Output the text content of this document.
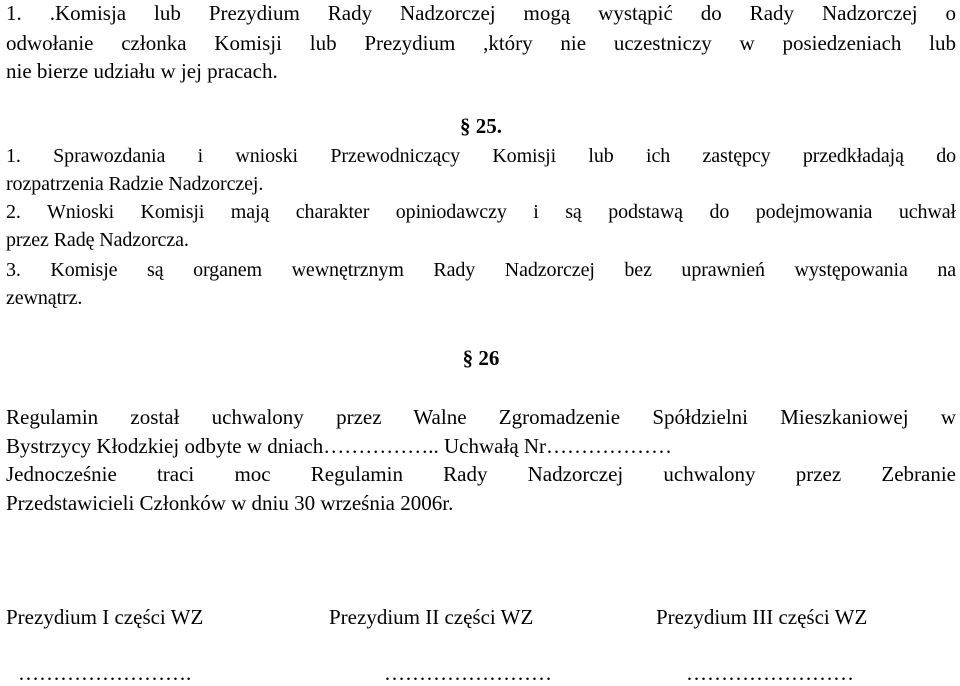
1. .Komisja lub Prezydium Rady Nadzorczej mogą wystąpić do Rady Nadzorczej o
odwołanie członka Komisji lub Prezydium ,który nie uczestniczy w posiedzeniach lub
nie bierze udziału w jej pracach.
§ 25.
1. Sprawozdania i wnioski Przewodniczący Komisji lub ich zastępcy przedkładają do
rozpatrzenia Radzie Nadzorczej.
2. Wnioski Komisji mają charakter opiniodawczy i są podstawą do podejmowania uchwał
przez Radę Nadzorcza.
3. Komisje są organem wewnętrznym Rady Nadzorczej bez uprawnień występowania na
zewnątrz.
§ 26
Regulamin został uchwalony przez Walne Zgromadzenie Spółdzielni Mieszkaniowej w
Bystrzycy Kłodzkiej odbyte w dniach…………….. Uchwałą Nr………………
Jednocześnie traci moc Regulamin Rady Nadzorczej uchwalony przez Zebranie
Przedstawicieli Członków w dniu 30 września 2006r.
Prezydium I części WZ	Prezydium II części WZ	Prezydium III części WZ
…………………….	……………………	……………………
